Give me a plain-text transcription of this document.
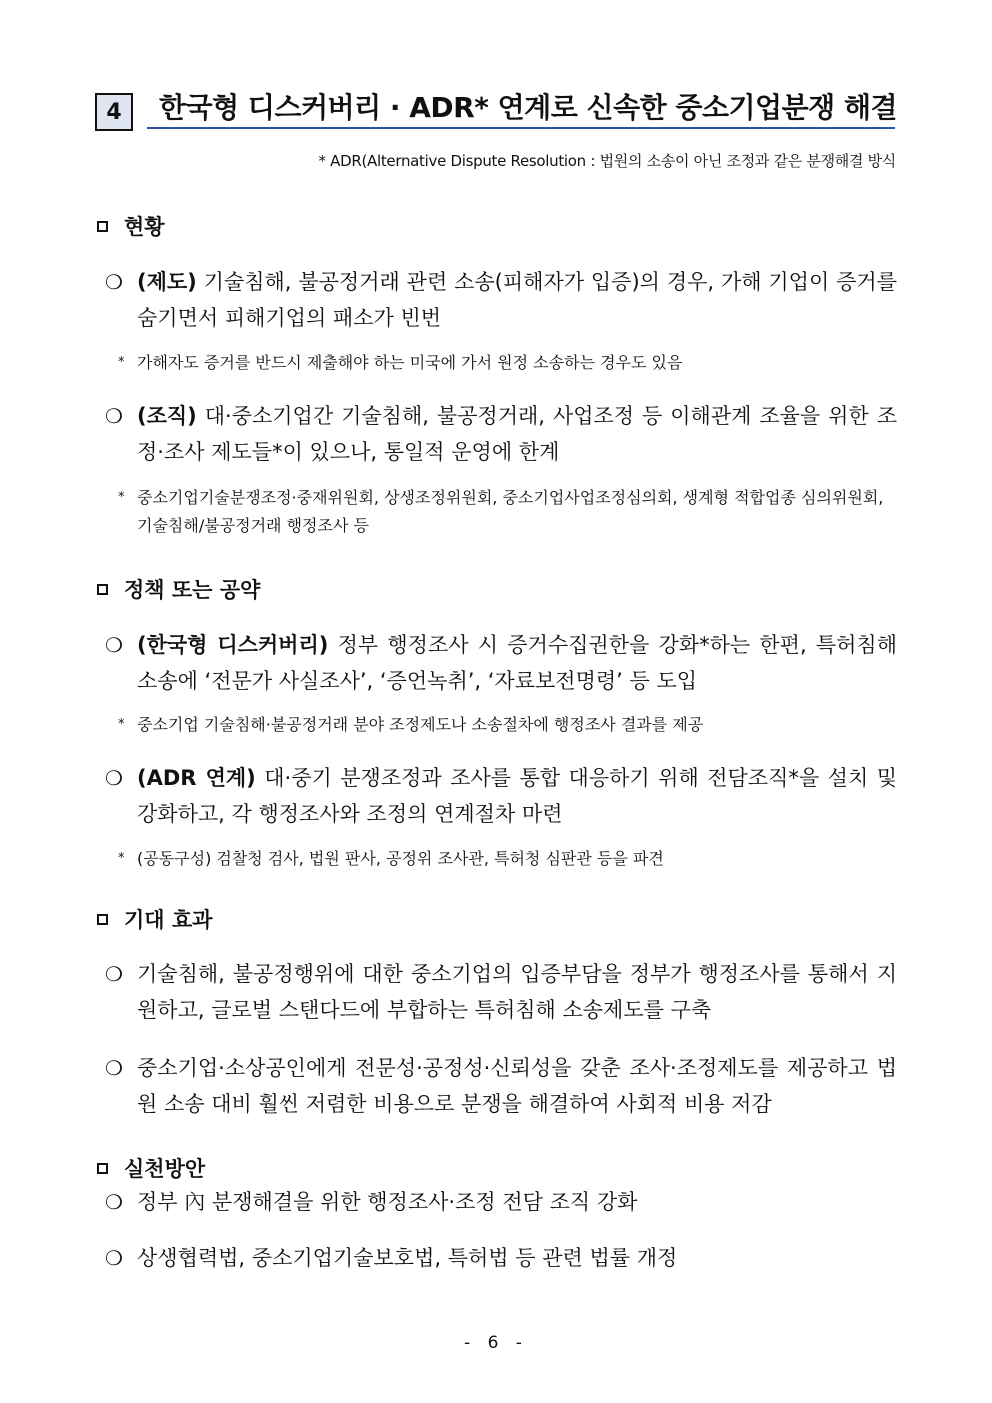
4	한국형 디스커버리 · ADR* 연계로 신속한 중소기업분쟁 해결
* ADR(Alternative Dispute Resolution : 법원의 소송이 아닌 조정과 같은 분쟁해결 방식
현황
❍ (제도) 기술침해, 불공정거래 관련 소송(피해자가 입증)의 경우, 가해 기업이 증거를 숨기면서 피해기업의 패소가 빈번
* 가해자도 증거를 반드시 제출해야 하는 미국에 가서 원정 소송하는 경우도 있음
❍ (조직) 대·중소기업간 기술침해, 불공정거래, 사업조정 등 이해관계 조율을 위한 조정·조사 제도들*이 있으나, 통일적 운영에 한계
* 중소기업기술분쟁조정·중재위원회, 상생조정위원회, 중소기업사업조정심의회, 생계형 적합업종 심의위원회, 기술침해/불공정거래 행정조사 등
정책 또는 공약
❍ (한국형 디스커버리) 정부 행정조사 시 증거수집권한을 강화*하는 한편, 특허침해 소송에 ‘전문가 사실조사’, ‘증언녹취’, ‘자료보전명령’ 등 도입
* 중소기업 기술침해·불공정거래 분야 조정제도나 소송절차에 행정조사 결과를 제공
❍ (ADR 연계) 대·중기 분쟁조정과 조사를 통합 대응하기 위해 전담조직*을 설치 및 강화하고, 각 행정조사와 조정의 연계절차 마련
* (공동구성) 검찰청 검사, 법원 판사, 공정위 조사관, 특허청 심판관 등을 파견
기대 효과
❍ 기술침해, 불공정행위에 대한 중소기업의 입증부담을 정부가 행정조사를 통해서 지원하고, 글로벌 스탠다드에 부합하는 특허침해 소송제도를 구축
❍ 중소기업·소상공인에게 전문성·공정성·신뢰성을 갖춘 조사·조정제도를 제공하고 법원 소송 대비 훨씬 저렴한 비용으로 분쟁을 해결하여 사회적 비용 저감
실천방안
❍ 정부 內 분쟁해결을 위한 행정조사·조정 전담 조직 강화
❍ 상생협력법, 중소기업기술보호법, 특허법 등 관련 법률 개정
- 6 -
